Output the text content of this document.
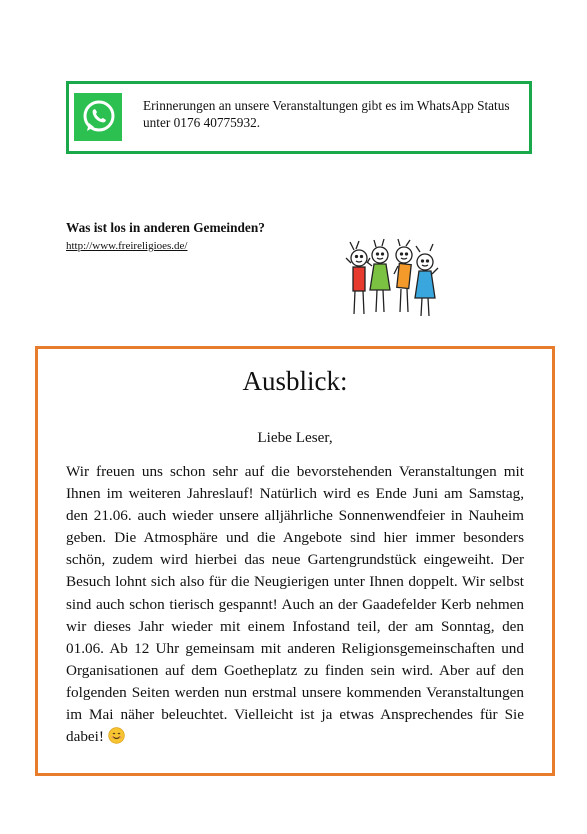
Erinnerungen an unsere Veranstaltungen gibt es im WhatsApp Status unter 0176 40775932.
Was ist los in anderen Gemeinden?
http://www.freireligioes.de/
Ausblick:
Liebe Leser,
Wir freuen uns schon sehr auf die bevorstehenden Veranstaltungen mit Ihnen im weiteren Jahreslauf! Natürlich wird es Ende Juni am Samstag, den 21.06. auch wieder unsere alljährliche Sonnenwendfeier in Nauheim geben. Die Atmosphäre und die Angebote sind hier immer besonders schön, zudem wird hierbei das neue Gartengrundstück eingeweiht. Der Besuch lohnt sich also für die Neugierigen unter Ihnen doppelt. Wir selbst sind auch schon tierisch gespannt! Auch an der Gaadefelder Kerb nehmen wir dieses Jahr wieder mit einem Infostand teil, der am Sonntag, den 01.06. Ab 12 Uhr gemeinsam mit anderen Religionsgemeinschaften und Organisationen auf dem Goetheplatz zu finden sein wird. Aber auf den folgenden Seiten werden nun erstmal unsere kommenden Veranstaltungen im Mai näher beleuchtet. Vielleicht ist ja etwas Ansprechendes für Sie dabei!
